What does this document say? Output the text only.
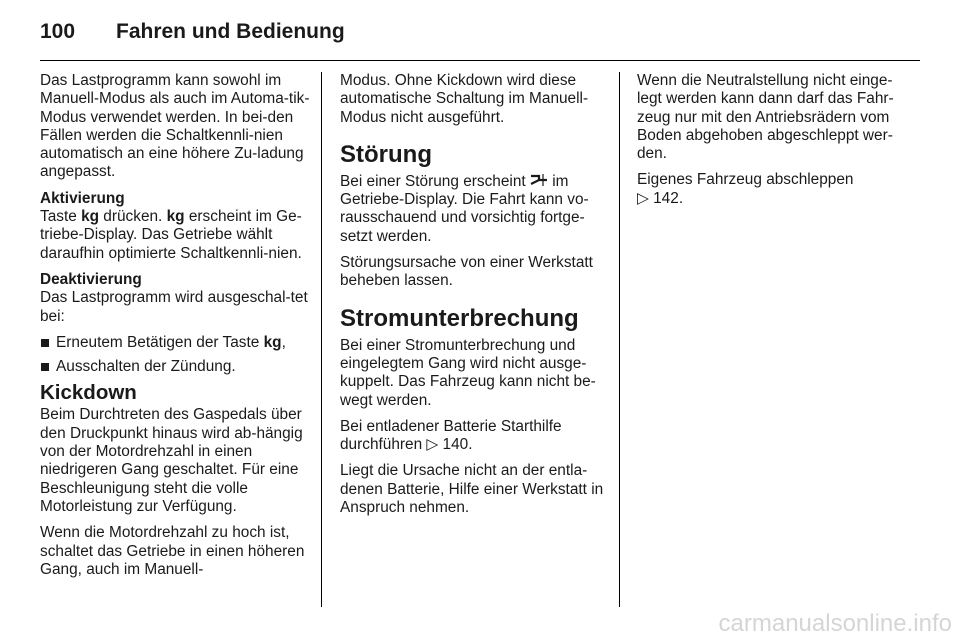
100 Fahren und Bedienung

Das Lastprogramm kann sowohl im Manuell-Modus als auch im Automa-tik-Modus verwendet werden. In bei-den Fällen werden die Schaltkennli-nien automatisch an eine höhere Zu-ladung angepasst.

Aktivierung

Taste kg drücken. kg erscheint im Ge-triebe-Display. Das Getriebe wählt daraufhin optimierte Schaltkennli-nien.

Deaktivierung

Das Lastprogramm wird ausgeschal-tet bei:

Erneutem Betätigen der Taste kg,
Ausschalten der Zündung.
Kickdown

Beim Durchtreten des Gaspedals über den Druckpunkt hinaus wird ab-hängig von der Motordrehzahl in einen niedrigeren Gang geschaltet. Für eine Beschleunigung steht die volle Motorleistung zur Verfügung.

Wenn die Motordrehzahl zu hoch ist, schaltet das Getriebe in einen höheren Gang, auch im Manuell-

Modus. Ohne Kickdown wird diese automatische Schaltung im Manuell-Modus nicht ausgeführt.

Störung

Bei einer Störung erscheint  im Getriebe-Display. Die Fahrt kann vo-rausschauend und vorsichtig fortge-setzt werden.

Störungsursache von einer Werkstatt beheben lassen.

Stromunterbrechung

Bei einer Stromunterbrechung und eingelegtem Gang wird nicht ausge-kuppelt. Das Fahrzeug kann nicht be-wegt werden.

Bei entladener Batterie Starthilfe durchführen ▷ 140.

Liegt die Ursache nicht an der entla-denen Batterie, Hilfe einer Werkstatt in Anspruch nehmen.

Wenn die Neutralstellung nicht einge-legt werden kann dann darf das Fahr-zeug nur mit den Antriebsrädern vom Boden abgehoben abgeschleppt wer-den.

Eigenes Fahrzeug abschleppen
▷ 142.

carmanualsonline.info
